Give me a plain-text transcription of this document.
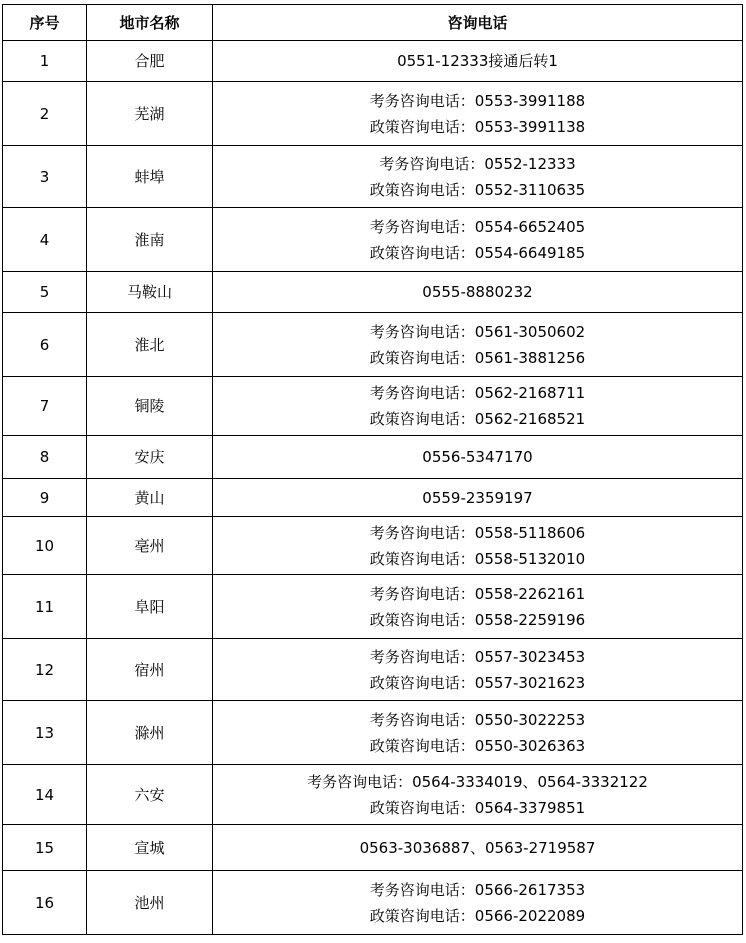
序号	地市名称	咨询电话
1	合肥	0551-12333接通后转1

2	芜湖	考务咨询电话：0553-3991188
政策咨询电话：0553-3991138

3	蚌埠	考务咨询电话：0552-12333
政策咨询电话：0552-3110635

4	淮南	考务咨询电话：0554-6652405
政策咨询电话：0554-6649185

5	马鞍山	0555-8880232

6	淮北	考务咨询电话：0561-3050602
政策咨询电话：0561-3881256

7	铜陵	考务咨询电话：0562-2168711
政策咨询电话：0562-2168521

8	安庆	0556-5347170

9	黄山	0559-2359197

10	亳州	考务咨询电话：0558-5118606
政策咨询电话：0558-5132010

11	阜阳	考务咨询电话：0558-2262161
政策咨询电话：0558-2259196

12	宿州	考务咨询电话：0557-3023453
政策咨询电话：0557-3021623

13	滁州	考务咨询电话：0550-3022253
政策咨询电话：0550-3026363

14	六安	考务咨询电话：0564-3334019、0564-3332122
政策咨询电话：0564-3379851

15	宣城	0563-3036887、0563-2719587

16	池州	考务咨询电话：0566-2617353
政策咨询电话：0566-2022089
